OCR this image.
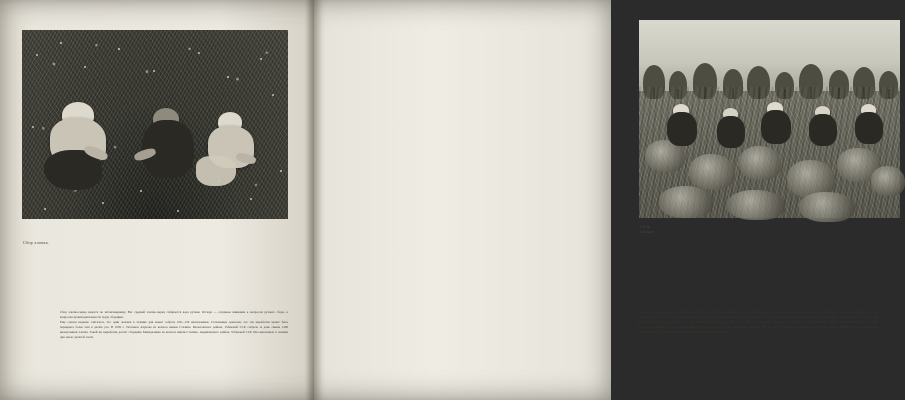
Сбор хлопка.
Сбор хлопка-сырца ведется по штанговидному. Вес средней хлопко-сырец собирается вода ручная. Отсюда — огромное внимание к вопросам ручного сбора, к вопросам производительности труда сборщика.
Еще совсем недавно считалось, что один человек в течение дня может собрать 100—150 килограммов. Стахановцы доказали, что эти выработки может быть перекрыта более чем в десять раз. В 1939 г. Тахтажон Ахунова из колхоза имени Сталина, Молотовского района, Узбекской ССР, собрала за день свыше 1200 килограммов хлопка. Такой же выработки достиг сборщица Мамадалиева из колхоза имени Сталина, Андижанского района, Узбекской ССР. Она выполняла в течение дня около десятой части.
Сбор хлопка.
нормы при рациональной организации сбора. Все стахановцы собирают хлопок двумя руками, а не одной, как работают большинство сборщиков. Стахановцы выбирают в один город-сырец и по 8—9 коробочек, выбирая его сразу из нескольких соседних коробочек. Стахановец показывающих возможных рабочего приема рабочего как, чтобы не одно теряется из прохода ряда. Для этого они применяют различные сумки, на примере ко указанию, обращения подходите и один почвенные сорока, и повышения не затрачивать время на лишнюю сорную и очищение в песке. Работа на сборе совершенно простая, она не требует времени на перехода в очистке работы. Наконец, они заполняющим специальной рабочей день за счет ликвидации организации отдыха.
